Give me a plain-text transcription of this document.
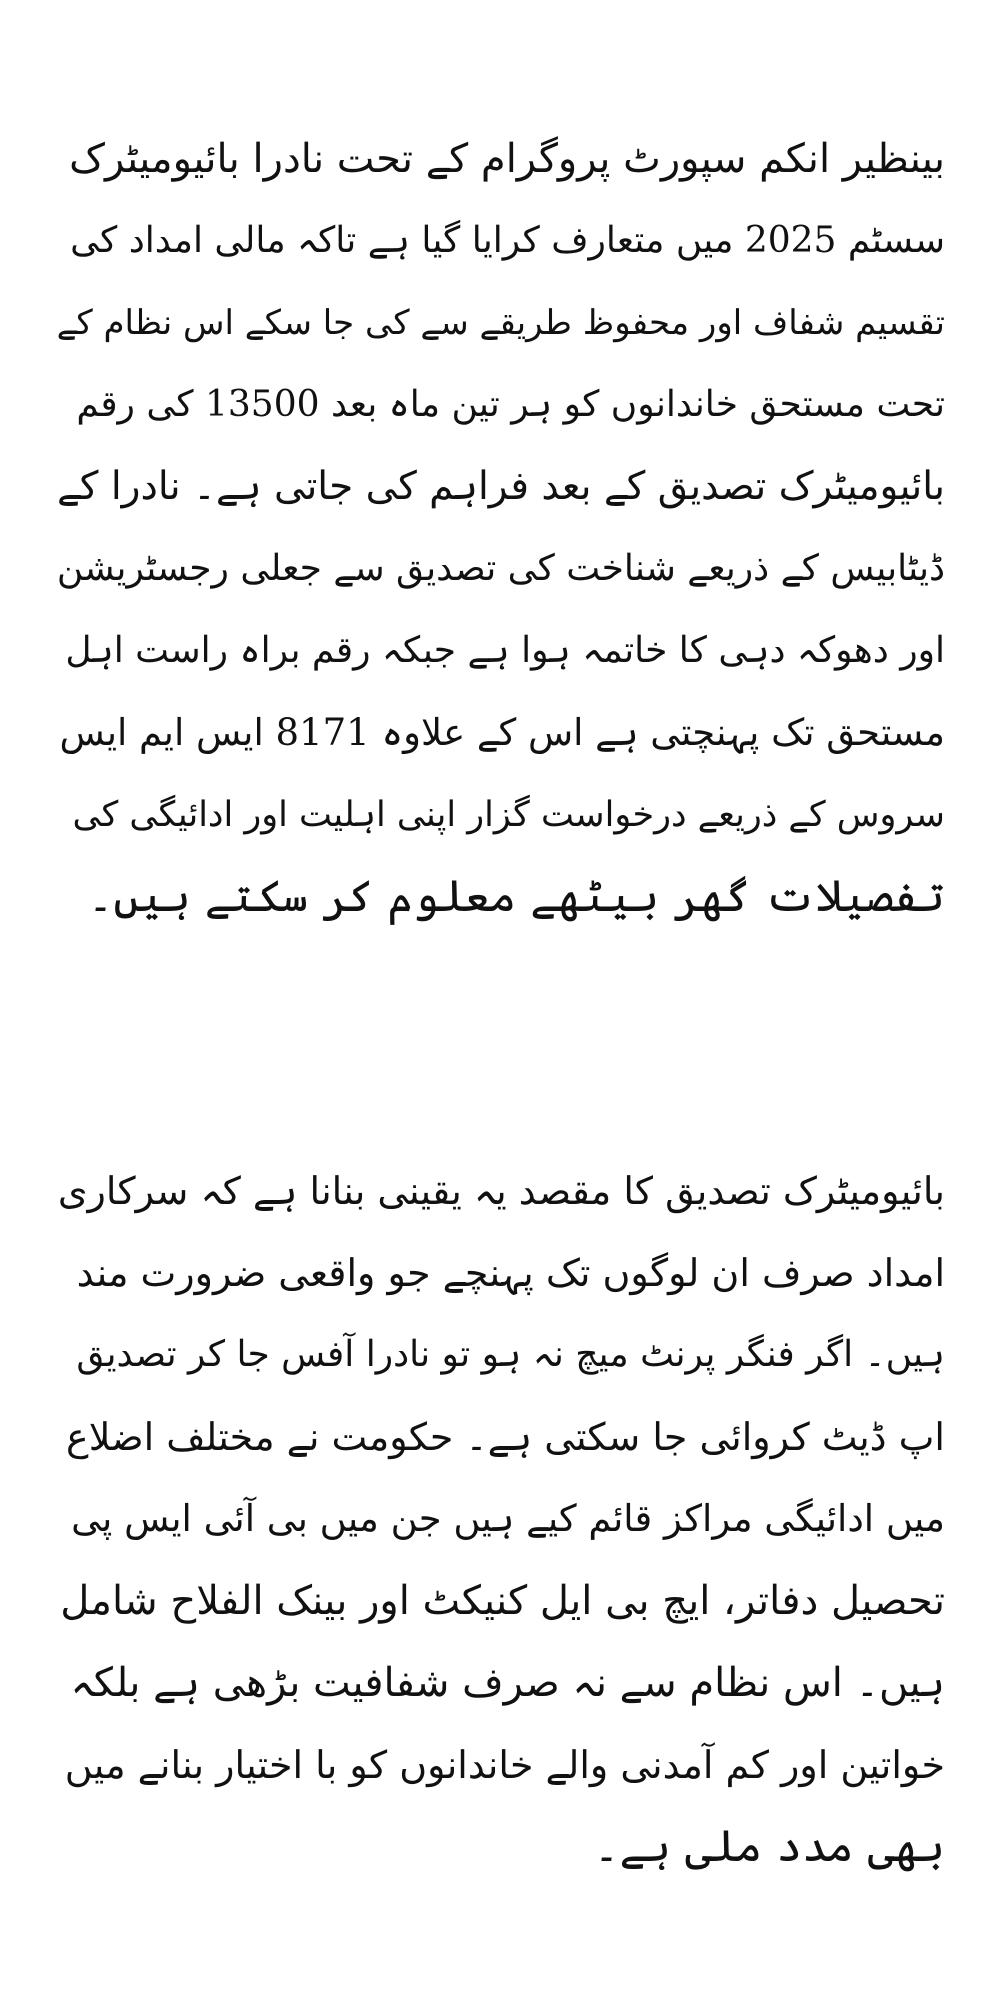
بینظیر انکم سپورٹ پروگرام کے تحت نادرا بائیومیٹرک
سسٹم 2025 میں متعارف کرایا گیا ہے تاکہ مالی امداد کی
تقسیم شفاف اور محفوظ طریقے سے کی جا سکے اس نظام کے
تحت مستحق خاندانوں کو ہر تین ماہ بعد 13500 کی رقم
بائیومیٹرک تصدیق کے بعد فراہم کی جاتی ہے۔ نادرا کے
ڈیٹابیس کے ذریعے شناخت کی تصدیق سے جعلی رجسٹریشن
اور دھوکہ دہی کا خاتمہ ہوا ہے جبکہ رقم براہ راست اہل
مستحق تک پہنچتی ہے اس کے علاوہ 8171 ایس ایم ایس
سروس کے ذریعے درخواست گزار اپنی اہلیت اور ادائیگی کی
تفصیلات گھر بیٹھے معلوم کر سکتے ہیں۔
بائیومیٹرک تصدیق کا مقصد یہ یقینی بنانا ہے کہ سرکاری
امداد صرف ان لوگوں تک پہنچے جو واقعی ضرورت مند
ہیں۔ اگر فنگر پرنٹ میچ نہ ہو تو نادرا آفس جا کر تصدیق
اپ ڈیٹ کروائی جا سکتی ہے۔ حکومت نے مختلف اضلاع
میں ادائیگی مراکز قائم کیے ہیں جن میں بی آئی ایس پی
تحصیل دفاتر، ایچ بی ایل کنیکٹ اور بینک الفلاح شامل
ہیں۔ اس نظام سے نہ صرف شفافیت بڑھی ہے بلکہ
خواتین اور کم آمدنی والے خاندانوں کو با اختیار بنانے میں
بھی مدد ملی ہے۔
